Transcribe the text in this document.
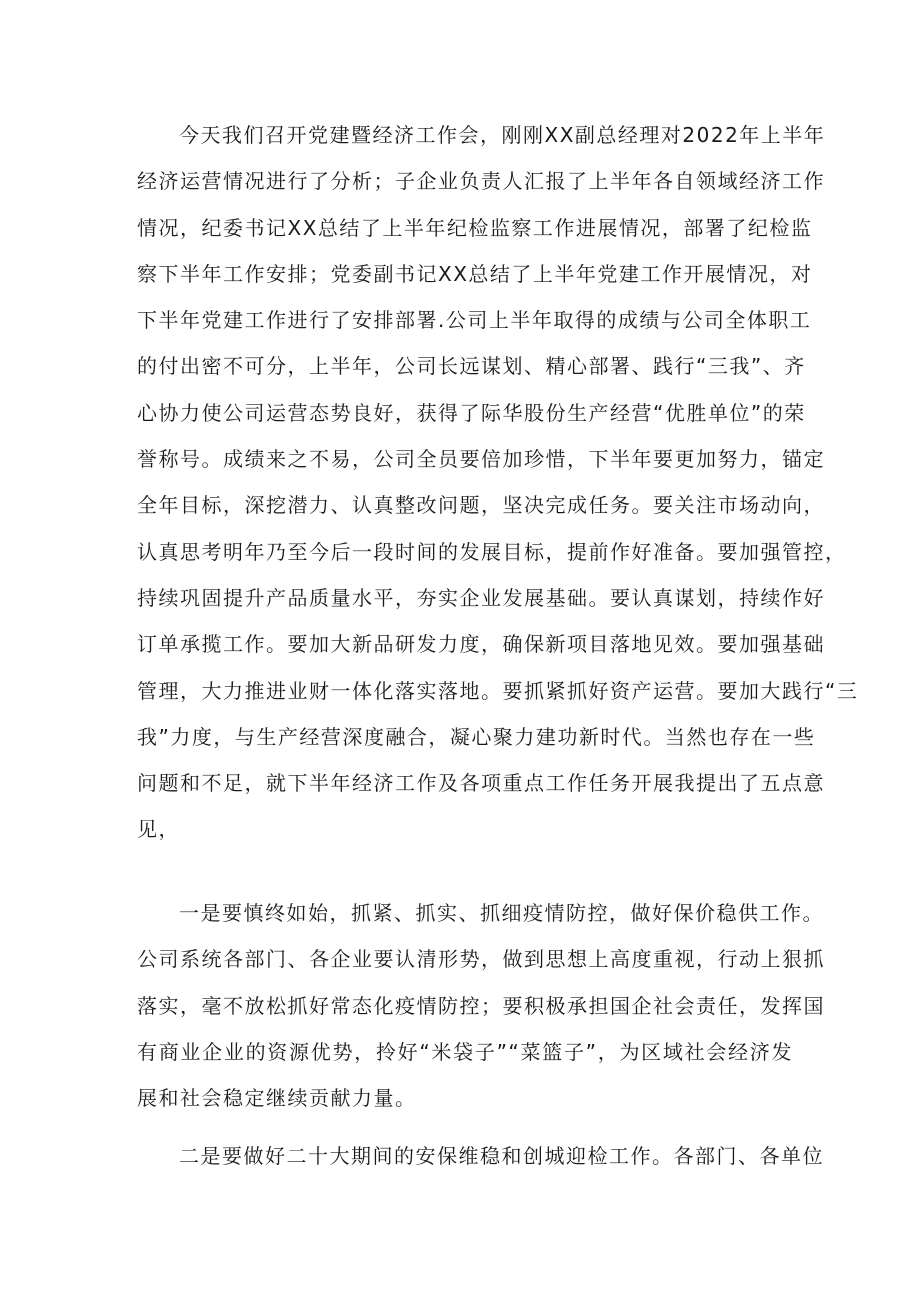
今天我们召开党建暨经济工作会，刚刚XX副总经理对2022年上半年
经济运营情况进行了分析；子企业负责人汇报了上半年各自领域经济工作
情况，纪委书记XX总结了上半年纪检监察工作进展情况，部署了纪检监
察下半年工作安排；党委副书记XX总结了上半年党建工作开展情况，对
下半年党建工作进行了安排部署.公司上半年取得的成绩与公司全体职工
的付出密不可分，上半年，公司长远谋划、精心部署、践行“三我”、齐
心协力使公司运营态势良好，获得了际华股份生产经营“优胜单位”的荣
誉称号。成绩来之不易，公司全员要倍加珍惜，下半年要更加努力，锚定
全年目标，深挖潜力、认真整改问题，坚决完成任务。要关注市场动向，
认真思考明年乃至今后一段时间的发展目标，提前作好准备。要加强管控，
持续巩固提升产品质量水平，夯实企业发展基础。要认真谋划，持续作好
订单承揽工作。要加大新品研发力度，确保新项目落地见效。要加强基础
管理，大力推进业财一体化落实落地。要抓紧抓好资产运营。要加大践行“三
我”力度，与生产经营深度融合，凝心聚力建功新时代。当然也存在一些
问题和不足，就下半年经济工作及各项重点工作任务开展我提出了五点意
见，
一是要慎终如始，抓紧、抓实、抓细疫情防控，做好保价稳供工作。
公司系统各部门、各企业要认清形势，做到思想上高度重视，行动上狠抓
落实，毫不放松抓好常态化疫情防控；要积极承担国企社会责任，发挥国
有商业企业的资源优势，拎好“米袋子”“菜篮子”，为区域社会经济发
展和社会稳定继续贡献力量。
二是要做好二十大期间的安保维稳和创城迎检工作。各部门、各单位
